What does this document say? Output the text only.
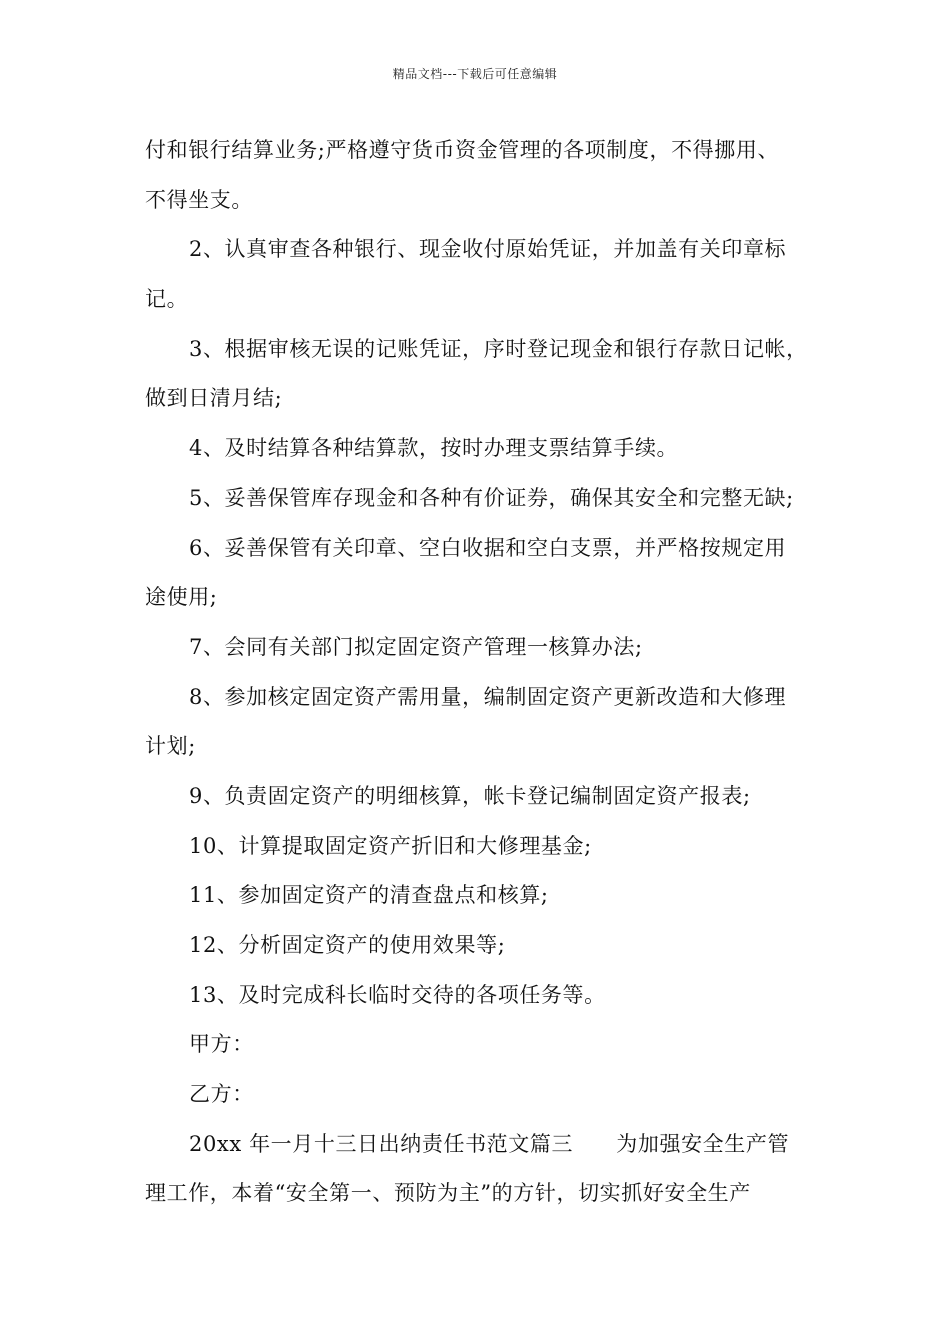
精品文档---下载后可任意编辑
付和银行结算业务;严格遵守货币资金管理的各项制度，不得挪用、
不得坐支。
2、认真审查各种银行、现金收付原始凭证，并加盖有关印章标
记。
3、根据审核无误的记账凭证，序时登记现金和银行存款日记帐，
做到日清月结;
4、及时结算各种结算款，按时办理支票结算手续。
5、妥善保管库存现金和各种有价证券，确保其安全和完整无缺;
6、妥善保管有关印章、空白收据和空白支票，并严格按规定用
途使用;
7、会同有关部门拟定固定资产管理一核算办法;
8、参加核定固定资产需用量，编制固定资产更新改造和大修理
计划;
9、负责固定资产的明细核算，帐卡登记编制固定资产报表;
10、计算提取固定资产折旧和大修理基金;
11、参加固定资产的清查盘点和核算;
12、分析固定资产的使用效果等;
13、及时完成科长临时交待的各项任务等。
甲方：
乙方：
20xx 年一月十三日出纳责任书范文篇三　　为加强安全生产管
理工作，本着“安全第一、预防为主”的方针，切实抓好安全生产
